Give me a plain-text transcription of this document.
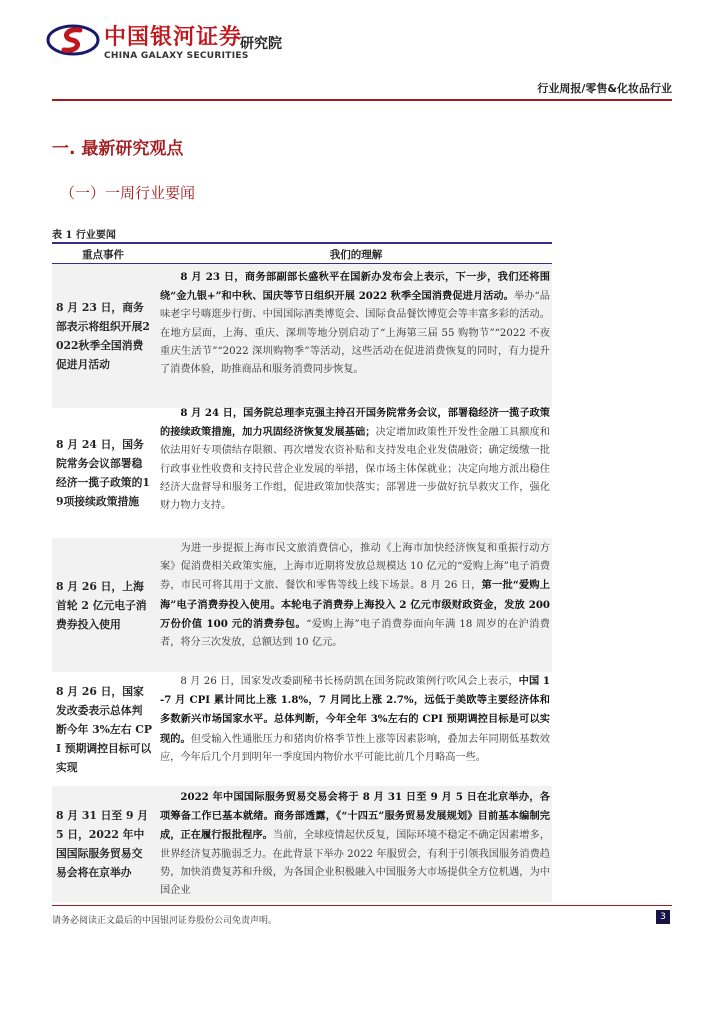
中国银河证券
研究院
CHINA GALAXY SECURITIES
行业周报/零售&化妆品行业
一. 最新研究观点
（一）一周行业要闻
表 1 行业要闻
重点事件	我们的理解
8 月 23 日，商务部表示将组织开展2022秋季全国消费促进月活动
8 月 23 日，商务部副部长盛秋平在国新办发布会上表示，下一步，我们还将围绕“金九银+”和中秋、国庆等节日组织开展 2022 秋季全国消费促进月活动。举办“品味老字号嗨逛步行街、中国国际酒类博览会、国际食品餐饮博览会等丰富多彩的活动。在地方层面，上海、重庆、深圳等地分别启动了“上海第三届 55 购物节”“2022 不夜重庆生活节”“2022 深圳购物季”等活动，这些活动在促进消费恢复的同时，有力提升了消费体验，助推商品和服务消费同步恢复。
8 月 24 日，国务院常务会议部署稳经济一揽子政策的19项接续政策措施
8 月 24 日，国务院总理李克强主持召开国务院常务会议，部署稳经济一揽子政策的接续政策措施，加力巩固经济恢复发展基础；决定增加政策性开发性金融工具额度和依法用好专项债结存限额、再次增发农资补贴和支持发电企业发债融资；确定缓缴一批行政事业性收费和支持民营企业发展的举措，保市场主体保就业；决定向地方派出稳住经济大盘督导和服务工作组，促进政策加快落实；部署进一步做好抗旱救灾工作，强化财力物力支持。
8 月 26 日，上海首轮 2 亿元电子消费券投入使用
为进一步提振上海市民文旅消费信心，推动《上海市加快经济恢复和重振行动方案》促消费相关政策实施，上海市近期将发放总规模达 10 亿元的“爱购上海”电子消费券，市民可将其用于文旅、餐饮和零售等线上线下场景。8 月 26 日，第一批“爱购上海”电子消费券投入使用。本轮电子消费券上海投入 2 亿元市级财政资金，发放 200 万份价值 100 元的消费券包。“爱购上海”电子消费券面向年满 18 周岁的在沪消费者，将分三次发放，总额达到 10 亿元。
8 月 26 日，国家发改委表示总体判断今年 3%左右 CPI 预期调控目标可以实现
8 月 26 日，国家发改委副秘书长杨荫凯在国务院政策例行吹风会上表示，中国 1-7 月 CPI 累计同比上涨 1.8%，7 月同比上涨 2.7%，远低于美欧等主要经济体和多数新兴市场国家水平。总体判断，今年全年 3%左右的 CPI 预期调控目标是可以实现的。但受输入性通胀压力和猪肉价格季节性上涨等因素影响，叠加去年同期低基数效应，今年后几个月到明年一季度国内物价水平可能比前几个月略高一些。
8 月 31 日至 9 月 5 日，2022 年中国国际服务贸易交易会将在京举办
2022 年中国国际服务贸易交易会将于 8 月 31 日至 9 月 5 日在北京举办，各项筹备工作已基本就绪。商务部透露，《“十四五”服务贸易发展规划》目前基本编制完成，正在履行报批程序。当前，全球疫情起伏反复，国际环境不稳定不确定因素增多，世界经济复苏脆弱乏力。在此背景下举办 2022 年服贸会，有利于引领我国服务消费趋势，加快消费复苏和升级，为各国企业积极融入中国服务大市场提供全方位机遇，为中国企业
请务必阅读正文最后的中国银河证券股份公司免责声明。	3
